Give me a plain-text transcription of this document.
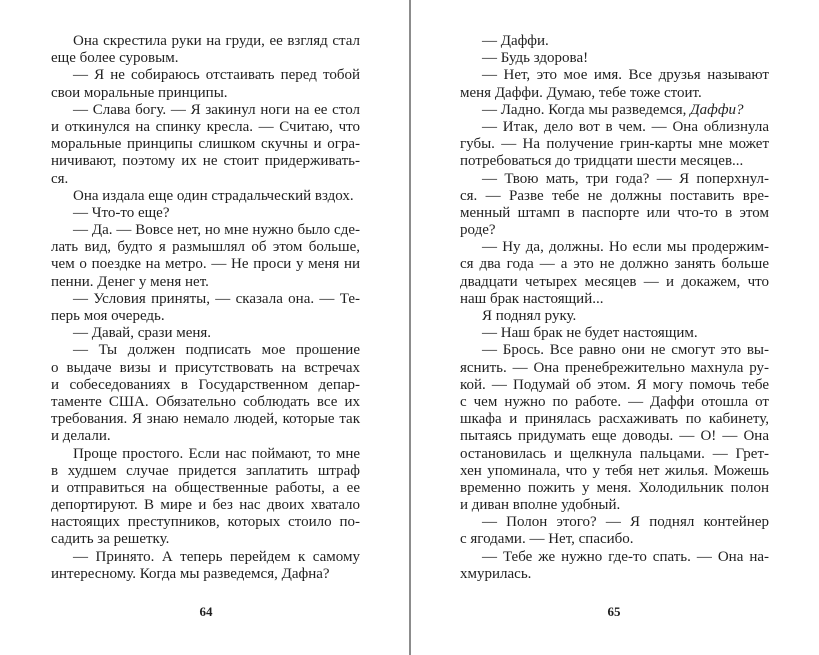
Она скрестила руки на груди, ее взгляд стал
еще более суровым.
— Я не собираюсь отстаивать перед тобой
свои моральные принципы.
— Слава богу. — Я закинул ноги на ее стол
и откинулся на спинку кресла. — Считаю, что
моральные принципы слишком скучны и огра-
ничивают, поэтому их не стоит придерживать-
ся.
Она издала еще один страдальческий вздох.
— Что-то еще?
— Да. — Вовсе нет, но мне нужно было сде-
лать вид, будто я размышлял об этом больше,
чем о поездке на метро. — Не проси у меня ни
пенни. Денег у меня нет.
— Условия приняты, — сказала она. — Те-
перь моя очередь.
— Давай, срази меня.
— Ты должен подписать мое прошение
о выдаче визы и присутствовать на встречах
и собеседованиях в Государственном депар-
таменте США. Обязательно соблюдать все их
требования. Я знаю немало людей, которые так
и делали.
Проще простого. Если нас поймают, то мне
в худшем случае придется заплатить штраф
и отправиться на общественные работы, а ее
депортируют. В мире и без нас двоих хватало
настоящих преступников, которых стоило по-
садить за решетку.
— Принято. А теперь перейдем к самому
интересному. Когда мы разведемся, Дафна?
— Даффи.
— Будь здорова!
— Нет, это мое имя. Все друзья называют
меня Даффи. Думаю, тебе тоже стоит.
— Ладно. Когда мы разведемся, Даффи?
— Итак, дело вот в чем. — Она облизнула
губы. — На получение грин-карты мне может
потребоваться до тридцати шести месяцев...
— Твою мать, три года? — Я поперхнул-
ся. — Разве тебе не должны поставить вре-
менный штамп в паспорте или что-то в этом
роде?
— Ну да, должны. Но если мы продержим-
ся два года — а это не должно занять больше
двадцати четырех месяцев — и докажем, что
наш брак настоящий...
Я поднял руку.
— Наш брак не будет настоящим.
— Брось. Все равно они не смогут это вы-
яснить. — Она пренебрежительно махнула ру-
кой. — Подумай об этом. Я могу помочь тебе
с чем нужно по работе. — Даффи отошла от
шкафа и принялась расхаживать по кабинету,
пытаясь придумать еще доводы. — О! — Она
остановилась и щелкнула пальцами. — Грет-
хен упоминала, что у тебя нет жилья. Можешь
временно пожить у меня. Холодильник полон
и диван вполне удобный.
— Полон этого? — Я поднял контейнер
с ягодами. — Нет, спасибо.
— Тебе же нужно где-то спать. — Она на-
хмурилась.
64	65
